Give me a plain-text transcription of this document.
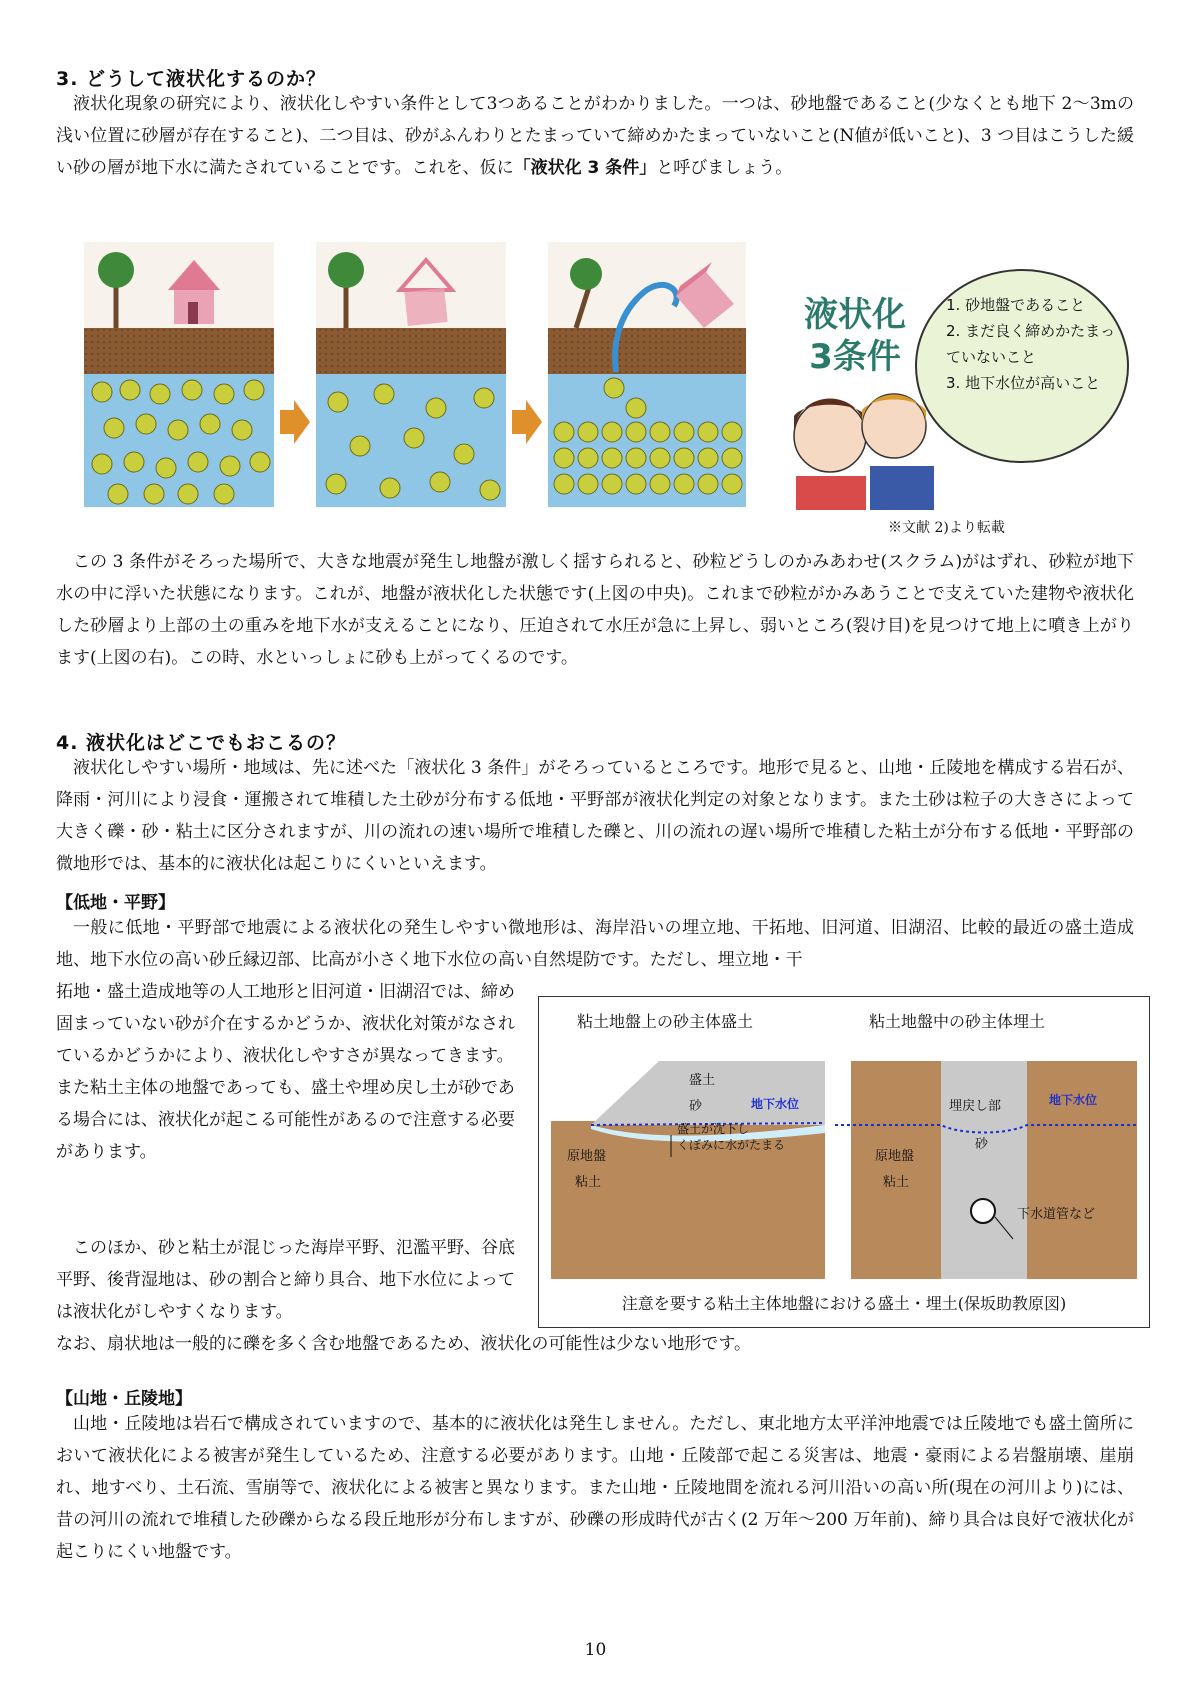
3. どうして液状化するのか？

液状化現象の研究により、液状化しやすい条件として3つあることがわかりました。一つは、砂地盤であること(少なくとも地下 2～3mの浅い位置に砂層が存在すること)、二つ目は、砂がふんわりとたまっていて締めかたまっていないこと(N値が低いこと)、3 つ目はこうした緩い砂の層が地下水に満たされていることです。これを、仮に「液状化 3 条件」と呼びましょう。

液状化 3条件
1. 砂地盤であること
2. まだ良く締めかたまっていないこと
3. 地下水位が高いこと
※文献 2)より転載

この 3 条件がそろった場所で、大きな地震が発生し地盤が激しく揺すられると、砂粒どうしのかみあわせ(スクラム)がはずれ、砂粒が地下水の中に浮いた状態になります。これが、地盤が液状化した状態です(上図の中央)。これまで砂粒がかみあうことで支えていた建物や液状化した砂層より上部の土の重みを地下水が支えることになり、圧迫されて水圧が急に上昇し、弱いところ(裂け目)を見つけて地上に噴き上がります(上図の右)。この時、水といっしょに砂も上がってくるのです。

4. 液状化はどこでもおこるの？

液状化しやすい場所・地域は、先に述べた「液状化 3 条件」がそろっているところです。地形で見ると、山地・丘陵地を構成する岩石が、降雨・河川により浸食・運搬されて堆積した土砂が分布する低地・平野部が液状化判定の対象となります。また土砂は粒子の大きさによって大きく礫・砂・粘土に区分されますが、川の流れの速い場所で堆積した礫と、川の流れの遅い場所で堆積した粘土が分布する低地・平野部の微地形では、基本的に液状化は起こりにくいといえます。

【低地・平野】

一般に低地・平野部で地震による液状化の発生しやすい微地形は、海岸沿いの埋立地、干拓地、旧河道、旧湖沼、比較的最近の盛土造成地、地下水位の高い砂丘縁辺部、比高が小さく地下水位の高い自然堤防です。ただし、埋立地・干

拓地・盛土造成地等の人工地形と旧河道・旧湖沼では、締め固まっていない砂が介在するかどうか、液状化対策がなされているかどうかにより、液状化しやすさが異なってきます。また粘土主体の地盤であっても、盛土や埋め戻し土が砂である場合には、液状化が起こる可能性があるので注意する必要があります。

このほか、砂と粘土が混じった海岸平野、氾濫平野、谷底平野、後背湿地は、砂の割合と締り具合、地下水位によっては液状化がしやすくなります。

なお、扇状地は一般的に礫を多く含む地盤であるため、液状化の可能性は少ない地形です。

粘土地盤上の砂主体盛土	粘土地盤中の砂主体埋土
盛土
砂	地下水位
盛土が沈下し
くぼみに水がたまる
原地盤
粘土
埋戻し部	地下水位
砂
原地盤
粘土
下水道管など
注意を要する粘土主体地盤における盛土・埋土(保坂助教原図)
【山地・丘陵地】

山地・丘陵地は岩石で構成されていますので、基本的に液状化は発生しません。ただし、東北地方太平洋沖地震では丘陵地でも盛土箇所において液状化による被害が発生しているため、注意する必要があります。山地・丘陵部で起こる災害は、地震・豪雨による岩盤崩壊、崖崩れ、地すべり、土石流、雪崩等で、液状化による被害と異なります。また山地・丘陵地間を流れる河川沿いの高い所(現在の河川より)には、昔の河川の流れで堆積した砂礫からなる段丘地形が分布しますが、砂礫の形成時代が古く(2 万年～200 万年前)、締り具合は良好で液状化が起こりにくい地盤です。

10
